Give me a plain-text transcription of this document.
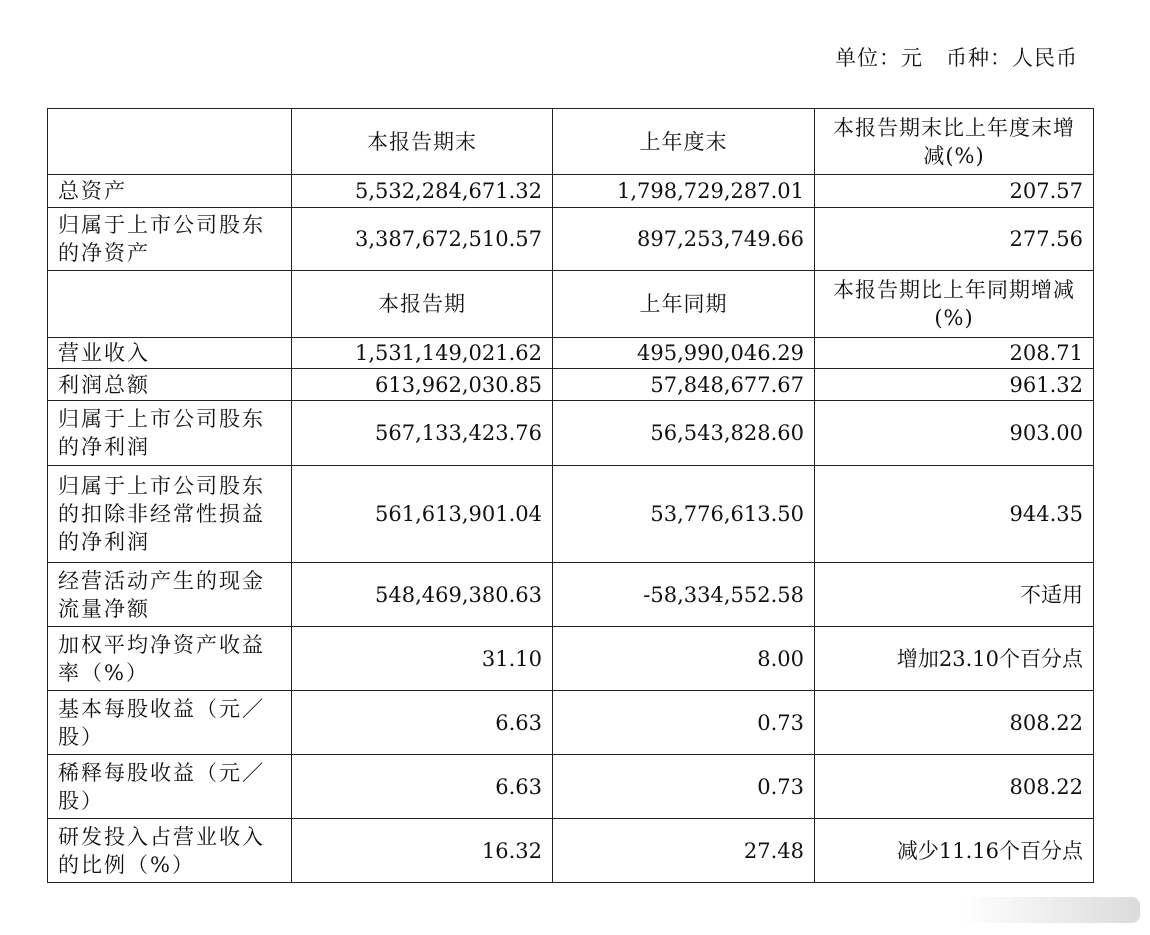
单位：元   币种：人民币
	本报告期末	上年度末	本报告期末比上年度末增减(%)
总资产	5,532,284,671.32	1,798,729,287.01	207.57
归属于上市公司股东的净资产	3,387,672,510.57	897,253,749.66	277.56
	本报告期	上年同期	本报告期比上年同期增减(%)
营业收入	1,531,149,021.62	495,990,046.29	208.71
利润总额	613,962,030.85	57,848,677.67	961.32
归属于上市公司股东的净利润	567,133,423.76	56,543,828.60	903.00
归属于上市公司股东的扣除非经常性损益的净利润	561,613,901.04	53,776,613.50	944.35
经营活动产生的现金流量净额	548,469,380.63	-58,334,552.58	不适用
加权平均净资产收益率（%）	31.10	8.00	增加23.10个百分点
基本每股收益（元／股）	6.63	0.73	808.22
稀释每股收益（元／股）	6.63	0.73	808.22
研发投入占营业收入的比例（%）	16.32	27.48	减少11.16个百分点
